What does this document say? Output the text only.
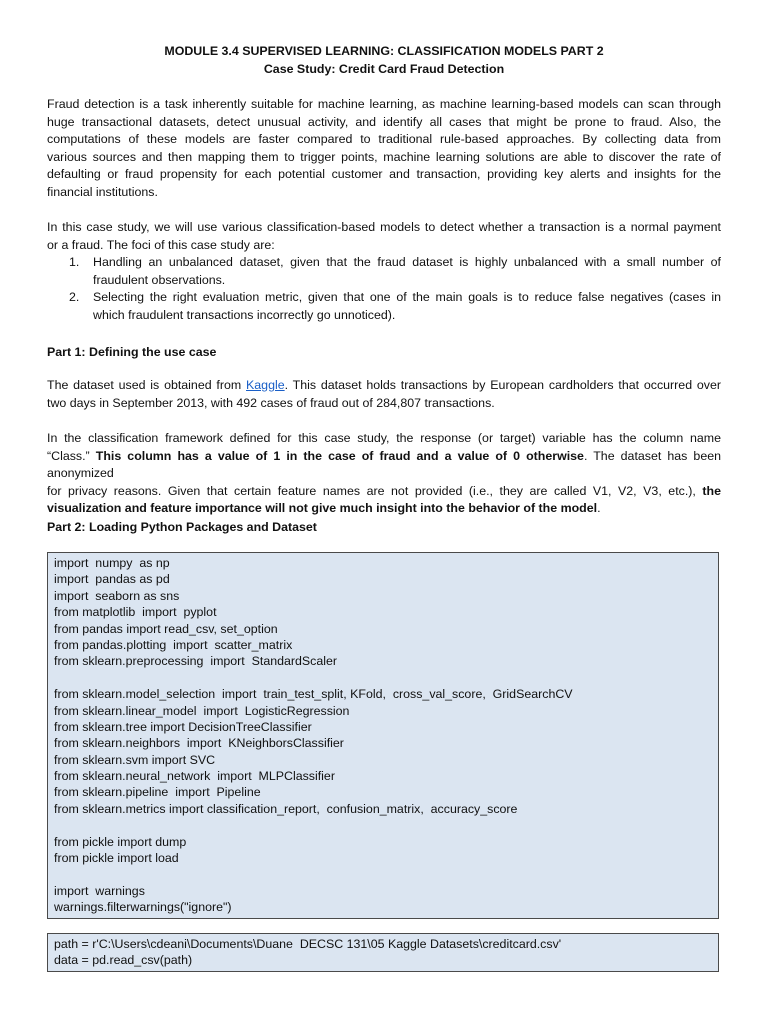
MODULE 3.4 SUPERVISED LEARNING: CLASSIFICATION MODELS PART 2
Case Study: Credit Card Fraud Detection
Fraud detection is a task inherently suitable for machine learning, as machine learning-based models can scan through
huge transactional datasets, detect unusual activity, and identify all cases that might be prone to fraud. Also, the
computations of these models are faster compared to traditional rule-based approaches. By collecting data from
various sources and then mapping them to trigger points, machine learning solutions are able to discover the rate of
defaulting or fraud propensity for each potential customer and transaction, providing key alerts and insights for the
financial institutions.
In this case study, we will use various classification-based models to detect whether a transaction is a normal payment
or a fraud. The foci of this case study are:
1. Handling an unbalanced dataset, given that the fraud dataset is highly unbalanced with a small number of
fraudulent observations.
2. Selecting the right evaluation metric, given that one of the main goals is to reduce false negatives (cases in
which fraudulent transactions incorrectly go unnoticed).
Part 1: Defining the use case
The dataset used is obtained from Kaggle. This dataset holds transactions by European cardholders that occurred over
two days in September 2013, with 492 cases of fraud out of 284,807 transactions.
In the classification framework defined for this case study, the response (or target) variable has the column name
“Class.” This column has a value of 1 in the case of fraud and a value of 0 otherwise. The dataset has been anonymized
for privacy reasons. Given that certain feature names are not provided (i.e., they are called V1, V2, V3, etc.), the
visualization and feature importance will not give much insight into the behavior of the model.
Part 2: Loading Python Packages and Dataset
import  numpy  as np
import  pandas as pd
import  seaborn as sns
from matplotlib  import  pyplot
from pandas import read_csv, set_option
from pandas.plotting  import  scatter_matrix
from sklearn.preprocessing  import  StandardScaler
from sklearn.model_selection  import  train_test_split, KFold,  cross_val_score,  GridSearchCV
from sklearn.linear_model  import  LogisticRegression
from sklearn.tree import DecisionTreeClassifier
from sklearn.neighbors  import  KNeighborsClassifier
from sklearn.svm import SVC
from sklearn.neural_network  import  MLPClassifier
from sklearn.pipeline  import  Pipeline
from sklearn.metrics import classification_report,  confusion_matrix,  accuracy_score
from pickle import dump
from pickle import load
import  warnings
warnings.filterwarnings("ignore")
path = r'C:\Users\cdeani\Documents\Duane  DECSC 131\05 Kaggle Datasets\creditcard.csv'
data = pd.read_csv(path)
